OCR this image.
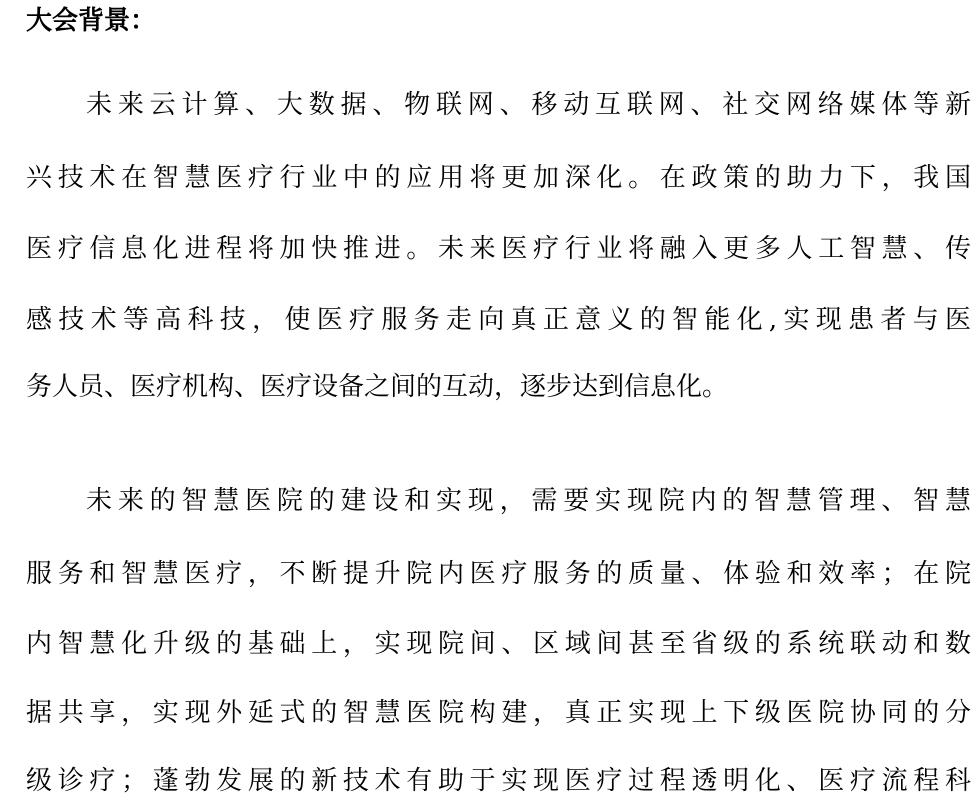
大会背景：
未来云计算、大数据、物联网、移动互联网、社交网络媒体等新
兴技术在智慧医疗行业中的应用将更加深化。在政策的助力下，我国
医疗信息化进程将加快推进。未来医疗行业将融入更多人工智慧、传
感技术等高科技，使医疗服务走向真正意义的智能化,实现患者与医
务人员、医疗机构、医疗设备之间的互动，逐步达到信息化。
未来的智慧医院的建设和实现，需要实现院内的智慧管理、智慧
服务和智慧医疗，不断提升院内医疗服务的质量、体验和效率；在院
内智慧化升级的基础上，实现院间、区域间甚至省级的系统联动和数
据共享，实现外延式的智慧医院构建，真正实现上下级医院协同的分
级诊疗；蓬勃发展的新技术有助于实现医疗过程透明化、医疗流程科
